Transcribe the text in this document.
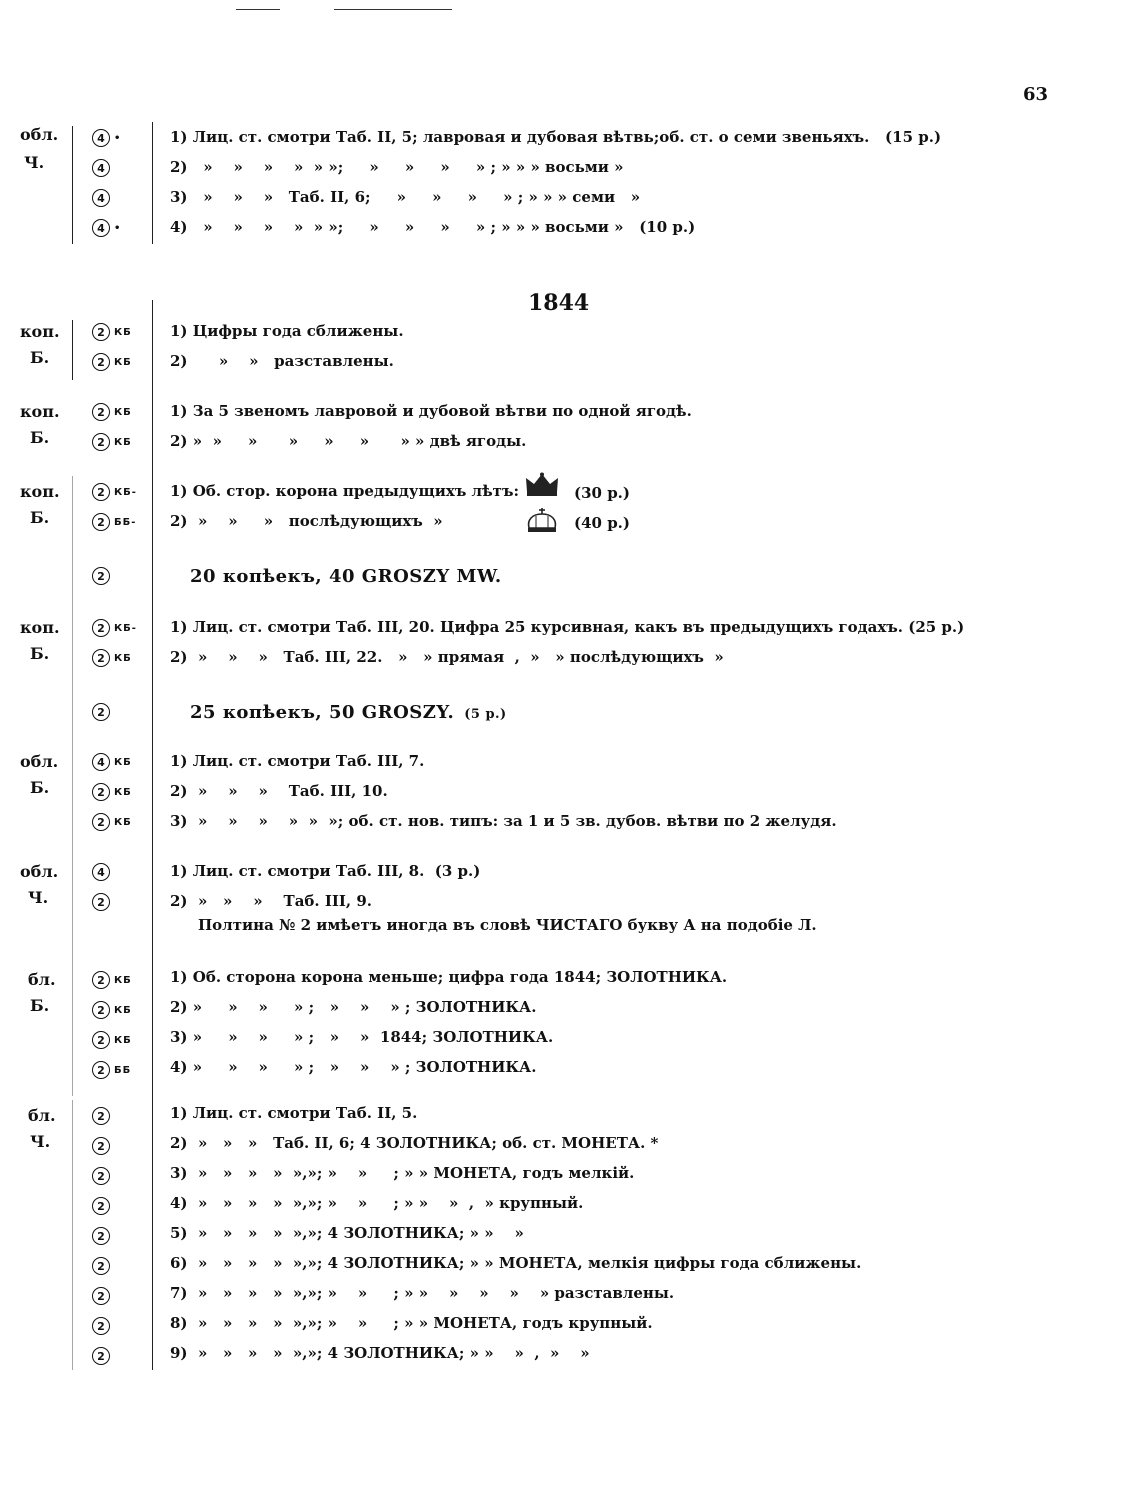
63
1844
обл.
Ч.
коп.
Б.
коп.
Б.
коп.
Б.
коп.
Б.
обл.
Б.
обл.
Ч.
бл.
Б.
бл.
Ч.
4 •
4
4
4 •
2 КБ
2 КБ
2 КБ
2 КБ
2 КБ-
2 ББ-
2
2 КБ-
2 КБ
2
4 КБ
2 КБ
2 КБ
4
2
2 КБ
2 КБ
2 КБ
2 ББ
2
2
2
2
2
2
2
2
2
1) Лиц. ст. смотри Таб. II, 5; лавровая и дубовая вѣтвь;об. ст. о семи звеньяхъ.   (15 р.)
2)   »    »    »    »  » »;     »     »     »     » ; » » » восьми »
3)   »    »    »   Таб. II, 6;     »     »     »     » ; » » » семи   »
4)   »    »    »    »  » »;     »     »     »     » ; » » » восьми »   (10 р.)
1) Цифры года сближены.
2)      »    »   разставлены.
1) За 5 звеномъ лавровой и дубовой вѣтви по одной ягодѣ.
2) »  »     »      »     »     »      » » двѣ ягоды.
1) Об. стор. корона предыдущихъ лѣтъ:	(30 р.)
2)  »    »     »   послѣдующихъ  »	(40 р.)
1) Лиц. ст. смотри Таб. III, 20. Цифра 25 курсивная, какъ въ предыдущихъ годахъ. (25 р.)
2)  »    »    »   Таб. III, 22.   »   » прямая  ,  »   » послѣдующихъ  »
1) Лиц. ст. смотри Таб. III, 7.
2)  »    »    »    Таб. III, 10.
3)  »    »    »    »  »  »; об. ст. нов. типъ: за 1 и 5 зв. дубов. вѣтви по 2 желудя.
1) Лиц. ст. смотри Таб. III, 8.  (3 р.)
2)  »   »    »    Таб. III, 9.
Полтина № 2 имѣетъ иногда въ словѣ ЧИСТАГО букву А на подобіе Л.
1) Об. сторона корона меньше; цифра года 1844; ЗОЛОТНИКА.
2) »     »    »     » ;   »    »    » ; ЗОЛОТНИКА.
3) »     »    »     » ;   »    »  1844; ЗОЛОТНИКА.
4) »     »    »     » ;   »    »    » ; ЗОЛОТНИКА.
1) Лиц. ст. смотри Таб. II, 5.
2)  »   »   »   Таб. II, 6; 4 ЗОЛОТНИКА; об. ст. МОНЕТА. *
3)  »   »   »   »  »,»; »    »     ; » » МОНЕТА, годъ мелкій.
4)  »   »   »   »  »,»; »    »     ; » »    »  ,  » крупный.
5)  »   »   »   »  »,»; 4 ЗОЛОТНИКА; » »    »
6)  »   »   »   »  »,»; 4 ЗОЛОТНИКА; » » МОНЕТА, мелкія цифры года сближены.
7)  »   »   »   »  »,»; »    »     ; » »    »    »    »    » разставлены.
8)  »   »   »   »  »,»; »    »     ; » » МОНЕТА, годъ крупный.
9)  »   »   »   »  »,»; 4 ЗОЛОТНИКА; » »    »  ,  »    »
20 копѣекъ, 40 GROSZY MW.
25 копѣекъ, 50 GROSZY. (5 р.)
